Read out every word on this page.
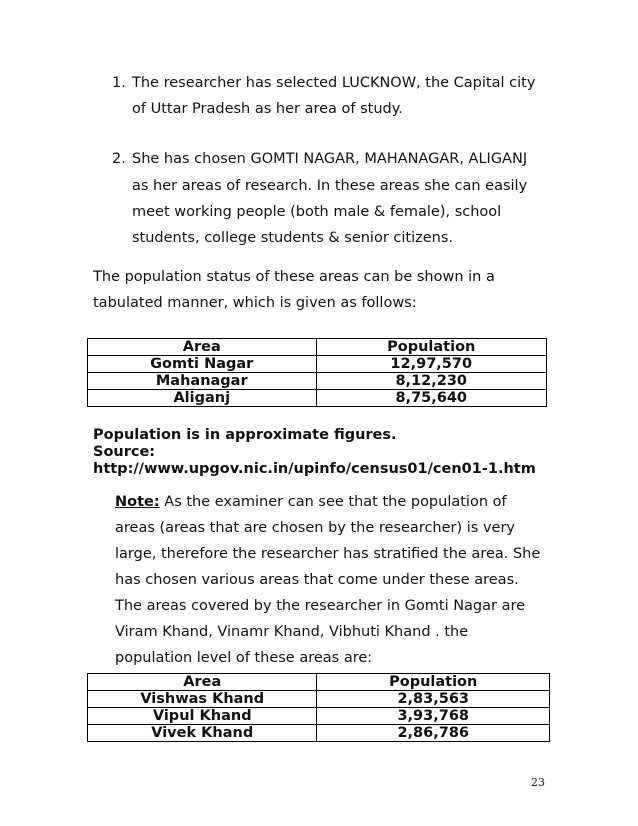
1. The researcher has selected LUCKNOW, the Capital city
of Uttar Pradesh as her area of study.
2. She has chosen GOMTI NAGAR, MAHANAGAR, ALIGANJ
as her areas of research. In these areas she can easily
meet working people (both male & female), school
students, college students & senior citizens.
The population status of these areas can be shown in a
tabulated manner, which is given as follows:
Area	Population
Gomti Nagar	12,97,570
Mahanagar	8,12,230
Aliganj	8,75,640
Population is in approximate figures.
Source:
http://www.upgov.nic.in/upinfo/census01/cen01-1.htm
Note: As the examiner can see that the population of
areas (areas that are chosen by the researcher) is very
large, therefore the researcher has stratified the area. She
has chosen various areas that come under these areas.
The areas covered by the researcher in Gomti Nagar are
Viram Khand, Vinamr Khand, Vibhuti Khand . the
population level of these areas are:
Area	Population
Vishwas Khand	2,83,563
Vipul Khand	3,93,768
Vivek Khand	2,86,786
23
